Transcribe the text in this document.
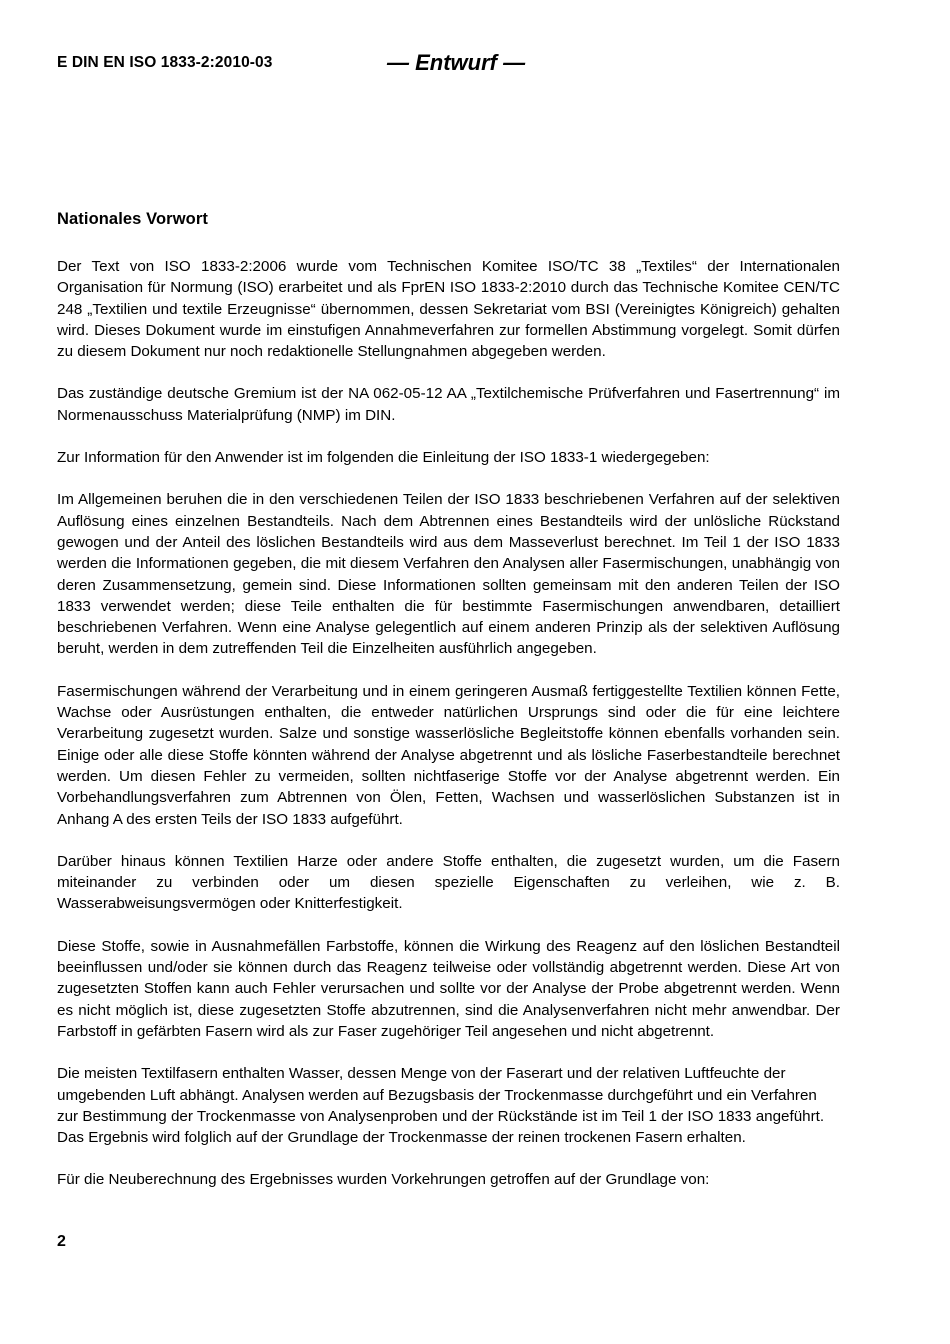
E DIN EN ISO 1833-2:2010-03	— Entwurf —
Nationales Vorwort

Der Text von ISO 1833-2:2006 wurde vom Technischen Komitee ISO/TC 38 „Textiles“ der Internationalen Organisation für Normung (ISO) erarbeitet und als FprEN ISO 1833-2:2010 durch das Technische Komitee CEN/TC 248 „Textilien und textile Erzeugnisse“ übernommen, dessen Sekretariat vom BSI (Vereinigtes Königreich) gehalten wird. Dieses Dokument wurde im einstufigen Annahmeverfahren zur formellen Abstimmung vorgelegt. Somit dürfen zu diesem Dokument nur noch redaktionelle Stellungnahmen abgegeben werden.

Das zuständige deutsche Gremium ist der NA 062-05-12 AA „Textilchemische Prüfverfahren und Fasertrennung“ im Normenausschuss Materialprüfung (NMP) im DIN.

Zur Information für den Anwender ist im folgenden die Einleitung der ISO 1833-1 wiedergegeben:

Im Allgemeinen beruhen die in den verschiedenen Teilen der ISO 1833 beschriebenen Verfahren auf der selektiven Auflösung eines einzelnen Bestandteils. Nach dem Abtrennen eines Bestandteils wird der unlösliche Rückstand gewogen und der Anteil des löslichen Bestandteils wird aus dem Masseverlust berechnet. Im Teil 1 der ISO 1833 werden die Informationen gegeben, die mit diesem Verfahren den Analysen aller Fasermischungen, unabhängig von deren Zusammensetzung, gemein sind. Diese Informationen sollten gemeinsam mit den anderen Teilen der ISO 1833 verwendet werden; diese Teile enthalten die für bestimmte Fasermischungen anwendbaren, detailliert beschriebenen Verfahren. Wenn eine Analyse gelegentlich auf einem anderen Prinzip als der selektiven Auflösung beruht, werden in dem zutreffenden Teil die Einzelheiten ausführlich angegeben.

Fasermischungen während der Verarbeitung und in einem geringeren Ausmaß fertiggestellte Textilien können Fette, Wachse oder Ausrüstungen enthalten, die entweder natürlichen Ursprungs sind oder die für eine leichtere Verarbeitung zugesetzt wurden. Salze und sonstige wasserlösliche Begleitstoffe können ebenfalls vorhanden sein. Einige oder alle diese Stoffe könnten während der Analyse abgetrennt und als lösliche Faserbestandteile berechnet werden. Um diesen Fehler zu vermeiden, sollten nichtfaserige Stoffe vor der Analyse abgetrennt werden. Ein Vorbehandlungsverfahren zum Abtrennen von Ölen, Fetten, Wachsen und wasserlöslichen Substanzen ist in Anhang A des ersten Teils der ISO 1833 aufgeführt.

Darüber hinaus können Textilien Harze oder andere Stoffe enthalten, die zugesetzt wurden, um die Fasern miteinander zu verbinden oder um diesen spezielle Eigenschaften zu verleihen, wie z. B. Wasserabweisungsvermögen oder Knitterfestigkeit.

Diese Stoffe, sowie in Ausnahmefällen Farbstoffe, können die Wirkung des Reagenz auf den löslichen Bestandteil beeinflussen und/oder sie können durch das Reagenz teilweise oder vollständig abgetrennt werden. Diese Art von zugesetzten Stoffen kann auch Fehler verursachen und sollte vor der Analyse der Probe abgetrennt werden. Wenn es nicht möglich ist, diese zugesetzten Stoffe abzutrennen, sind die Analysenverfahren nicht mehr anwendbar. Der Farbstoff in gefärbten Fasern wird als zur Faser zugehöriger Teil angesehen und nicht abgetrennt.

Die meisten Textilfasern enthalten Wasser, dessen Menge von der Faserart und der relativen Luftfeuchte der umgebenden Luft abhängt. Analysen werden auf Bezugsbasis der Trockenmasse durchgeführt und ein Verfahren zur Bestimmung der Trockenmasse von Analysenproben und der Rückstände ist im Teil 1 der ISO 1833 angeführt. Das Ergebnis wird folglich auf der Grundlage der Trockenmasse der reinen trockenen Fasern erhalten.

Für die Neuberechnung des Ergebnisses wurden Vorkehrungen getroffen auf der Grundlage von:

2
